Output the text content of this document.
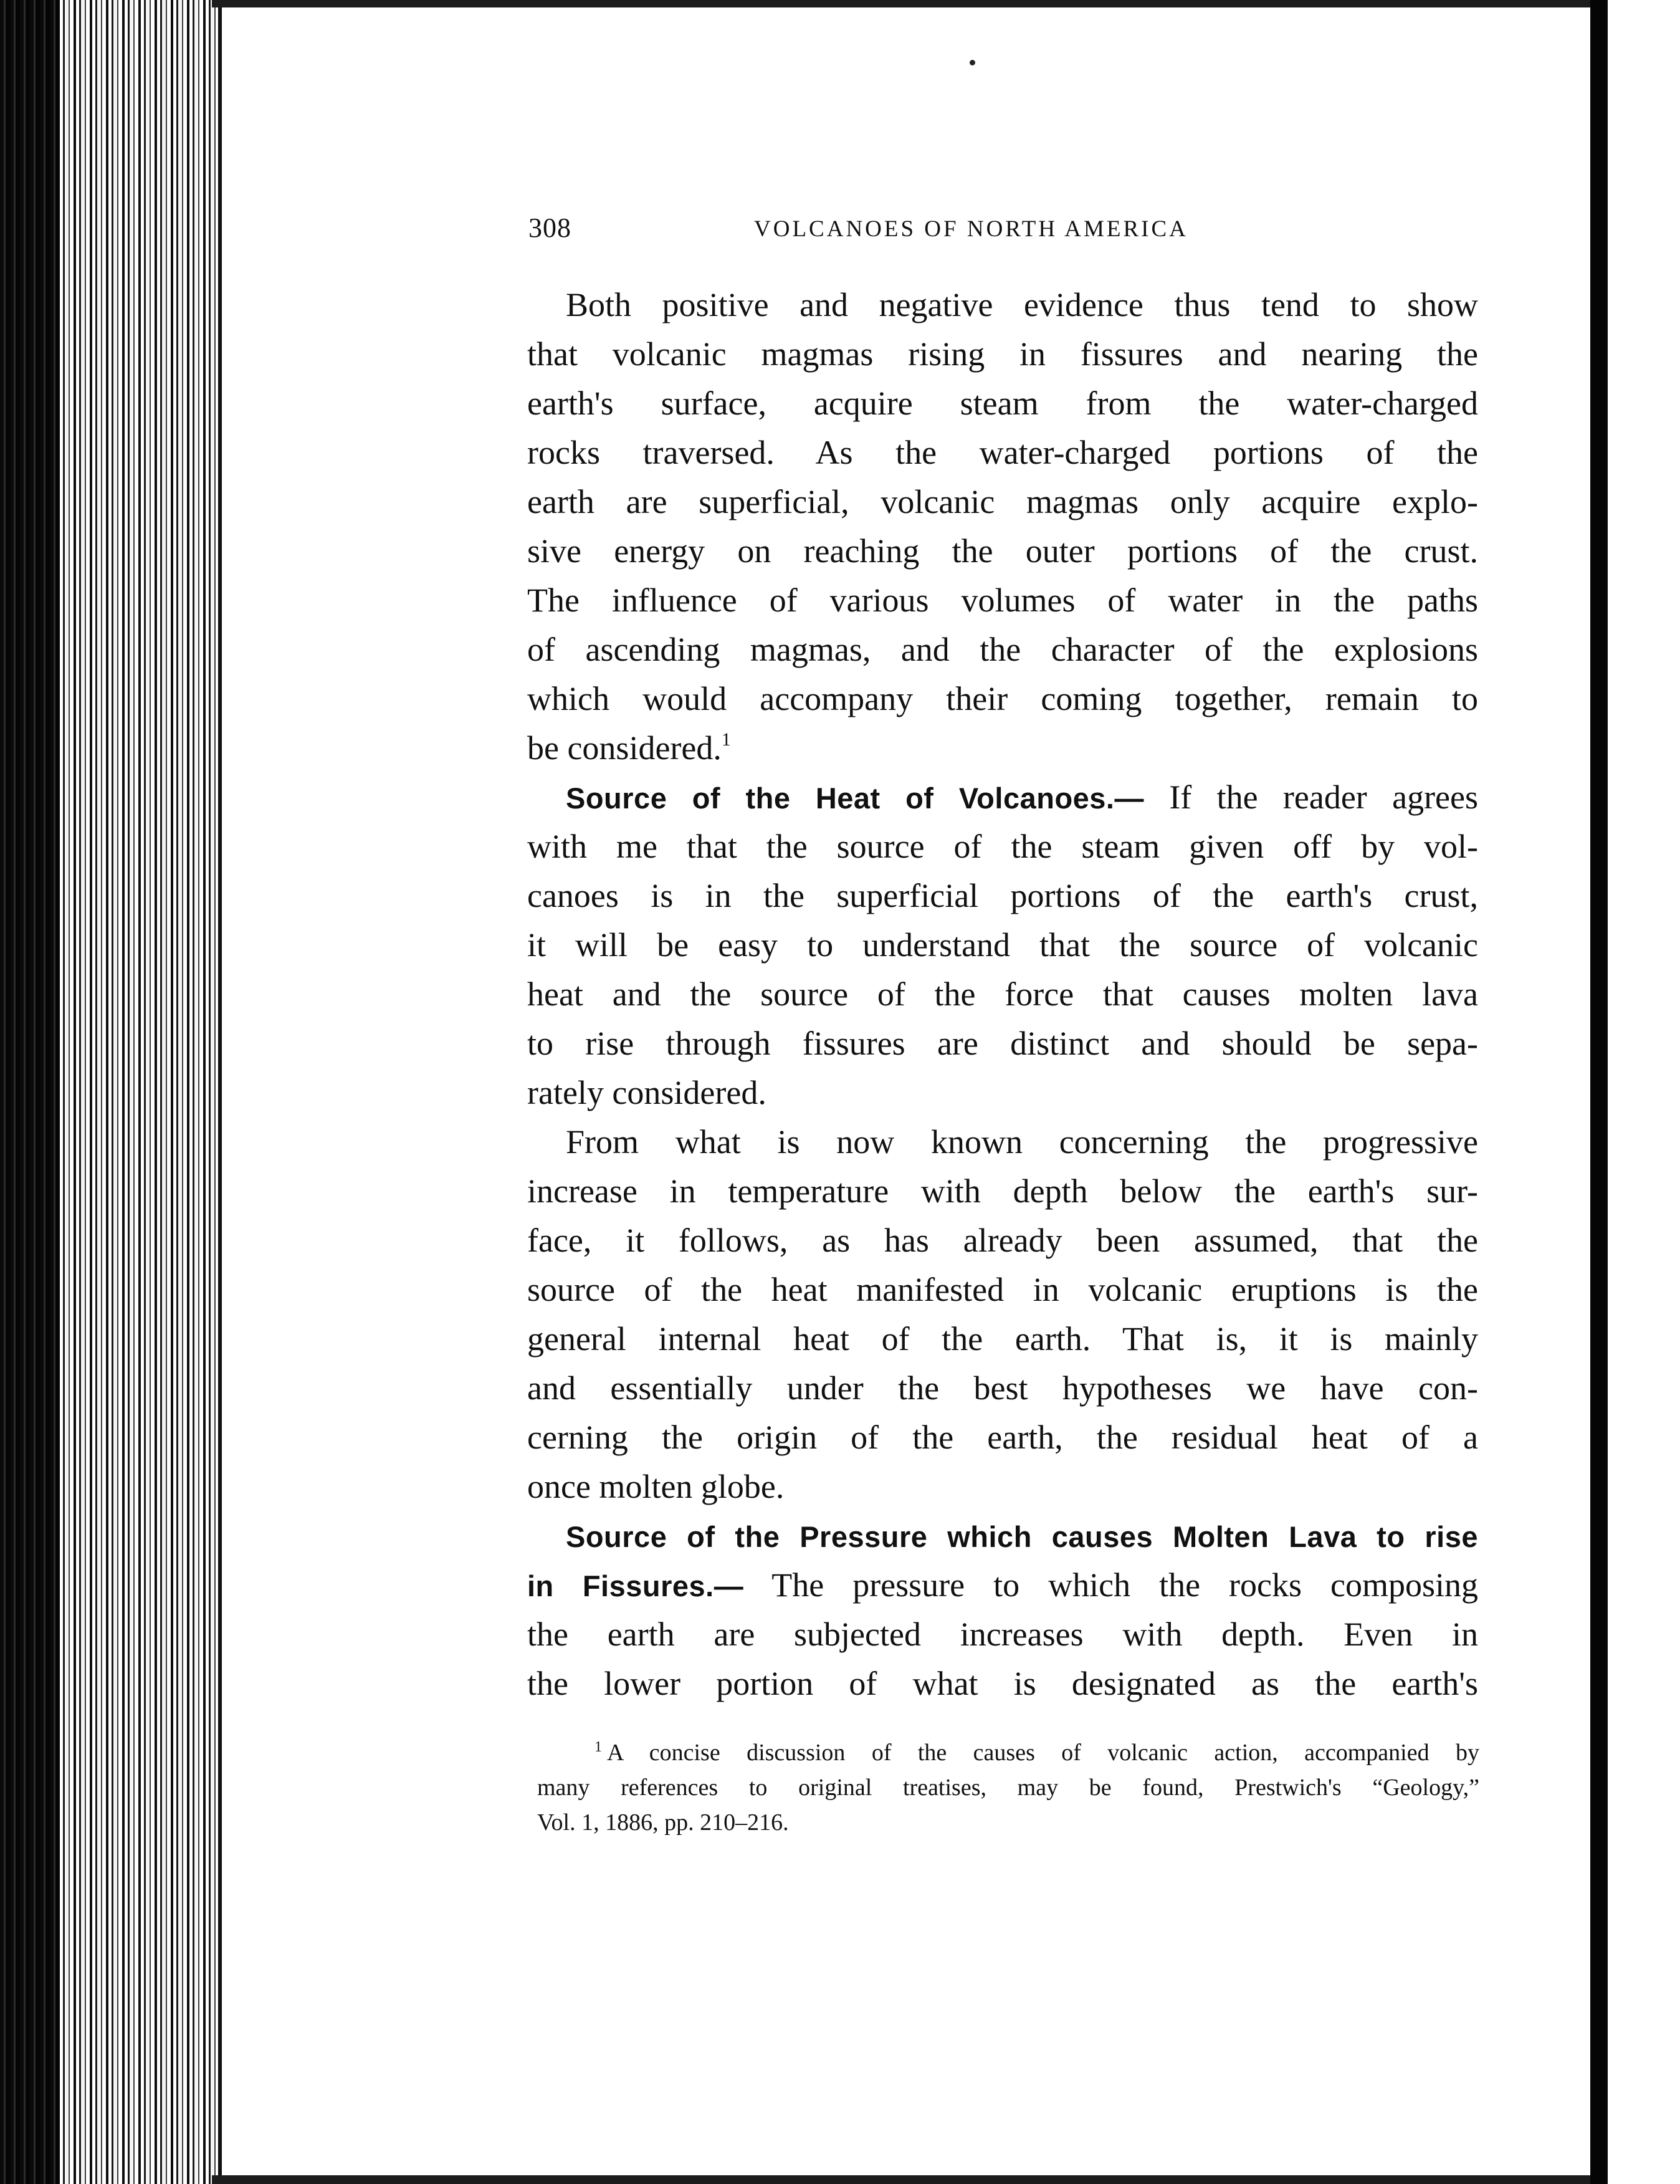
308	VOLCANOES OF NORTH AMERICA
Both positive and negative evidence thus tend to show
that volcanic magmas rising in fissures and nearing the
earth's surface, acquire steam from the water-charged
rocks traversed. As the water-charged portions of the
earth are superficial, volcanic magmas only acquire explo-
sive energy on reaching the outer portions of the crust.
The influence of various volumes of water in the paths
of ascending magmas, and the character of the explosions
which would accompany their coming together, remain to
be considered.$^1$
Source of the Heat of Volcanoes.— If the reader agrees
with me that the source of the steam given off by vol-
canoes is in the superficial portions of the earth's crust,
it will be easy to understand that the source of volcanic
heat and the source of the force that causes molten lava
to rise through fissures are distinct and should be sepa-
rately considered.
From what is now known concerning the progressive
increase in temperature with depth below the earth's sur-
face, it follows, as has already been assumed, that the
source of the heat manifested in volcanic eruptions is the
general internal heat of the earth. That is, it is mainly
and essentially under the best hypotheses we have con-
cerning the origin of the earth, the residual heat of a
once molten globe.
Source of the Pressure which causes Molten Lava to rise
in Fissures.— The pressure to which the rocks composing
the earth are subjected increases with depth. Even in
the lower portion of what is designated as the earth's
$^1$ A concise discussion of the causes of volcanic action, accompanied by
many references to original treatises, may be found, Prestwich's “Geology,”
Vol. 1, 1886, pp. 210–216.
